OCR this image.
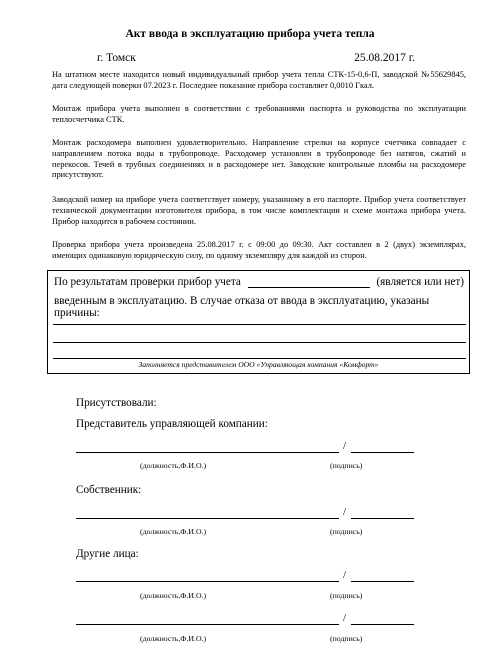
Акт ввода в эксплуатацию прибора учета тепла
г. Томск	25.08.2017 г.
На штатном месте находится новый индивидуальный прибор учета тепла СТК-15-0,6-П, заводской №55629845, дата следующей поверки 07.2023 г. Последнее показание прибора составляет 0,0010 Гкал.
Монтаж прибора учета выполнен в соответствии с требованиями паспорта и руководства по эксплуатации теплосчетчика СТК.
Монтаж расходомера выполнен удовлетворительно. Направление стрелки на корпусе счетчика совпадает с направлением потока воды в трубопроводе. Расходомер установлен в трубопроводе без натягов, сжатий и перекосов. Течей в трубных соединениях и в расходомере нет. Заводские контрольные пломбы на расходомере присутствуют.
Заводской номер на приборе учета соответствует номеру, указанному в его паспорте. Прибор учета соответствует технической документации изготовителя прибора, в том числе комплектации и схеме монтажа прибора учета. Прибор находится в рабочем состоянии.
Проверка прибора учета произведена 25.08.2017 г. с 09:00 до 09:30. Акт составлен в 2 (двух) экземплярах, имеющих одинаковую юридическую силу, по одному экземпляру для каждой из сторон.
По результатам проверки прибор учета	(является или нет)
введенным в эксплуатацию. В случае отказа от ввода в эксплуатацию, указаны причины:
Заполняется представителем ООО «Управляющая компания «Комфорт»
Присутствовали:
Представитель управляющей компании:
/
(должность,Ф.И.О.)	(подпись)
Собственник:
/
(должность,Ф.И.О.)	(подпись)
Другие лица:
/
(должность,Ф.И.О.)	(подпись)
/
(должность,Ф.И.О.)	(подпись)
